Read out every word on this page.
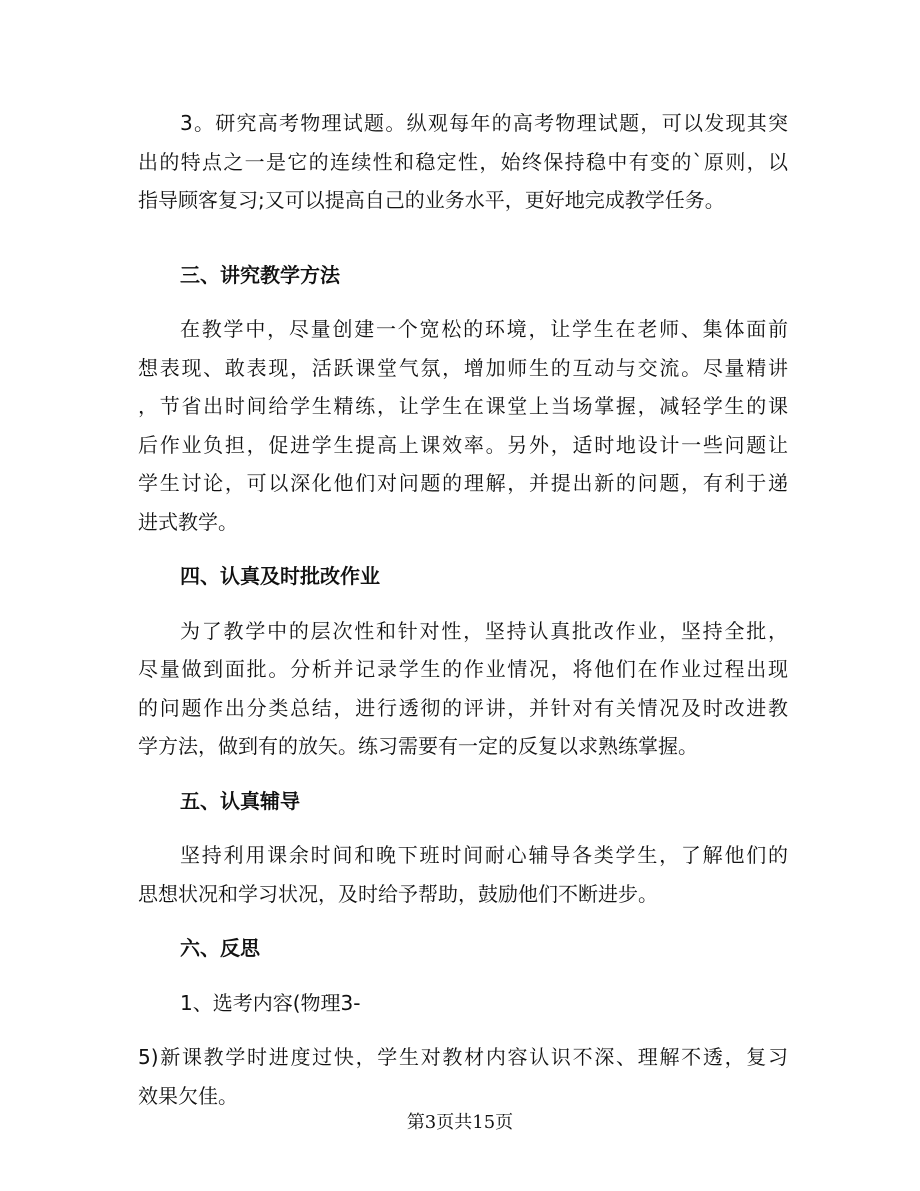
3。研究高考物理试题。纵观每年的高考物理试题，可以发现其突
出的特点之一是它的连续性和稳定性，始终保持稳中有变的`原则，以
指导顾客复习;又可以提高自己的业务水平，更好地完成教学任务。
三、讲究教学方法
在教学中，尽量创建一个宽松的环境，让学生在老师、集体面前
想表现、敢表现，活跃课堂气氛，增加师生的互动与交流。尽量精讲
，节省出时间给学生精练，让学生在课堂上当场掌握，减轻学生的课
后作业负担，促进学生提高上课效率。另外，适时地设计一些问题让
学生讨论，可以深化他们对问题的理解，并提出新的问题，有利于递
进式教学。
四、认真及时批改作业
为了教学中的层次性和针对性，坚持认真批改作业，坚持全批，
尽量做到面批。分析并记录学生的作业情况，将他们在作业过程出现
的问题作出分类总结，进行透彻的评讲，并针对有关情况及时改进教
学方法，做到有的放矢。练习需要有一定的反复以求熟练掌握。
五、认真辅导
坚持利用课余时间和晚下班时间耐心辅导各类学生，了解他们的
思想状况和学习状况，及时给予帮助，鼓励他们不断进步。
六、反思
1、选考内容(物理3-
5)新课教学时进度过快，学生对教材内容认识不深、理解不透，复习
效果欠佳。
第3页共15页
